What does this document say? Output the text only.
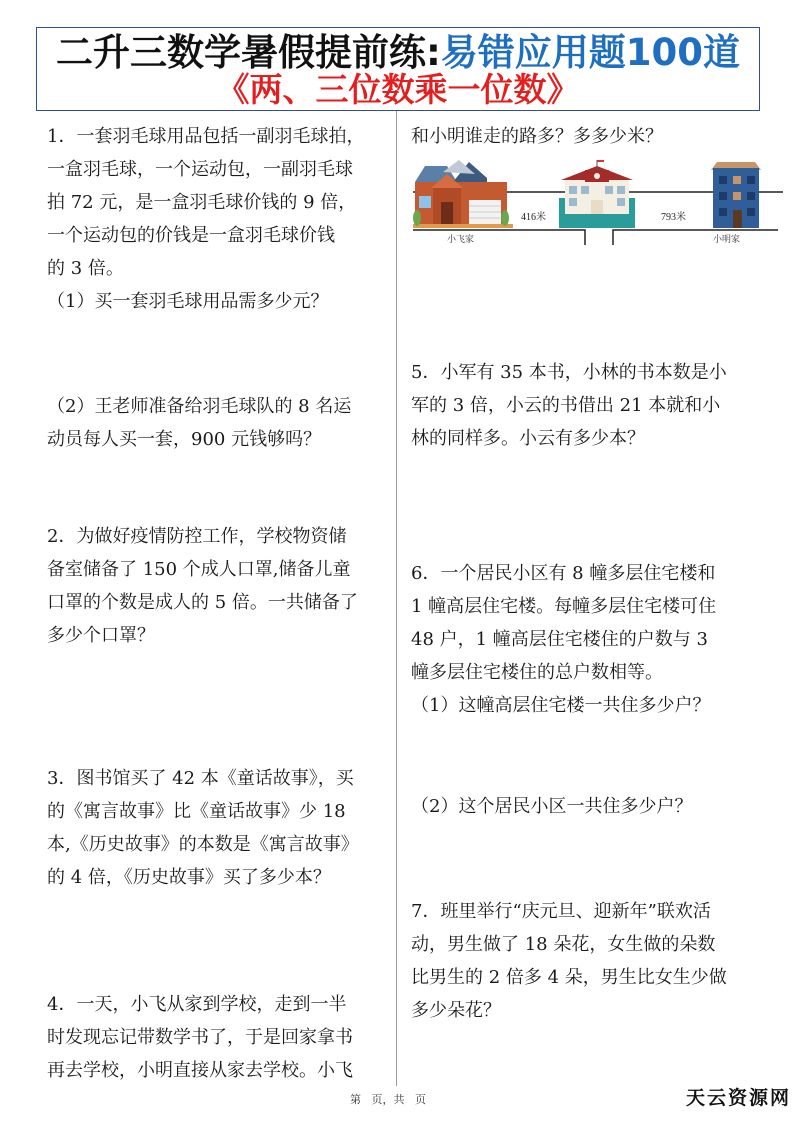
二升三数学暑假提前练:易错应用题100道
《两、三位数乘一位数》
1．一套羽毛球用品包括一副羽毛球拍，
一盒羽毛球，一个运动包，一副羽毛球
拍 72 元，是一盒羽毛球价钱的 9 倍，
一个运动包的价钱是一盒羽毛球价钱
的 3 倍。
（1）买一套羽毛球用品需多少元？
（2）王老师准备给羽毛球队的 8 名运
动员每人买一套，900 元钱够吗？
2．为做好疫情防控工作，学校物资储
备室储备了 150 个成人口罩,储备儿童
口罩的个数是成人的 5 倍。一共储备了
多少个口罩？
3．图书馆买了 42 本《童话故事》，买
的《寓言故事》比《童话故事》少 18
本,《历史故事》的本数是《寓言故事》
的 4 倍，《历史故事》买了多少本？
4．一天，小飞从家到学校，走到一半
时发现忘记带数学书了，于是回家拿书
再去学校，小明直接从家去学校。小飞
和小明谁走的路多？多多少米？
5．小军有 35 本书，小林的书本数是小
军的 3 倍，小云的书借出 21 本就和小
林的同样多。小云有多少本？
6．一个居民小区有 8 幢多层住宅楼和
1 幢高层住宅楼。每幢多层住宅楼可住
48 户，1 幢高层住宅楼住的户数与 3
幢多层住宅楼住的总户数相等。
（1）这幢高层住宅楼一共住多少户？
（2）这个居民小区一共住多少户？
7．班里举行“庆元旦、迎新年”联欢活
动，男生做了 18 朵花，女生做的朵数
比男生的 2 倍多 4 朵，男生比女生少做
多少朵花？
416米	793米
小飞家	小明家
第   页，共   页	天云资源网
